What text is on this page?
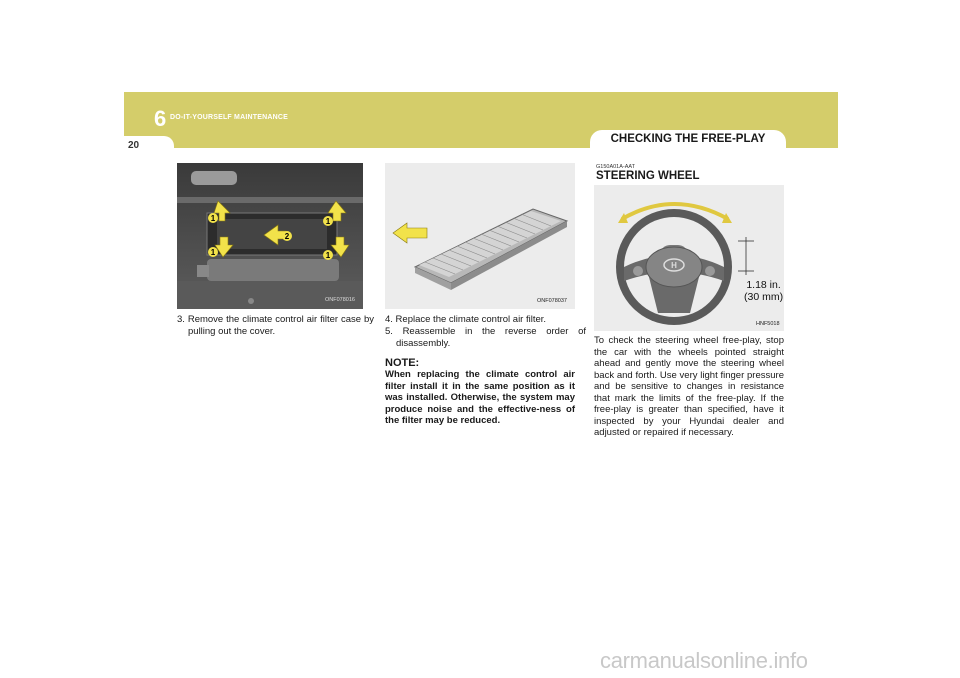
6 DO-IT-YOURSELF MAINTENANCE
20
CHECKING THE FREE-PLAY
1
1
2
1
1
ONF078016
3. Remove the climate control air filter case by pulling out the cover.
ONF078037
4. Replace the climate control air filter.
5. Reassemble in the reverse order of disassembly.
NOTE:
When replacing the climate control air filter install it in the same position as it was installed. Otherwise, the system may produce noise and the effective-ness of the filter may be reduced.
G150A01A-AAT
STEERING WHEEL
H
1.18 in.
(30 mm)
HNF5018
To check the steering wheel free-play, stop the car with the wheels pointed straight ahead and gently move the steering wheel back and forth. Use very light finger pressure and be sensitive to changes in resistance that mark the limits of the free-play. If the free-play is greater than specified, have it inspected by your Hyundai dealer and adjusted or repaired if necessary.
carmanualsonline.info
